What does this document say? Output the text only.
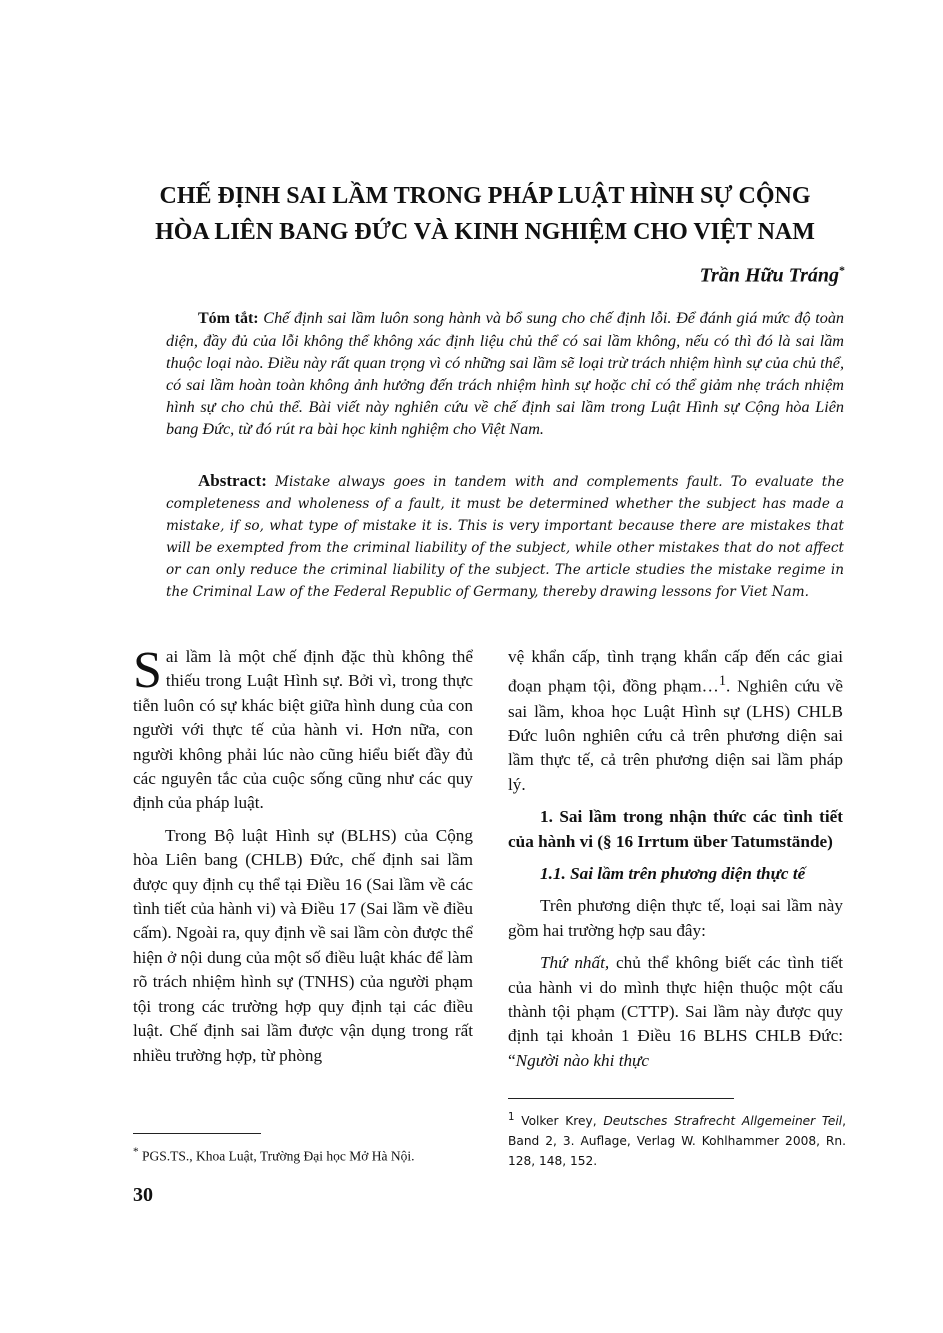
CHẾ ĐỊNH SAI LẦM TRONG PHÁP LUẬT HÌNH SỰ CỘNG
HÒA LIÊN BANG ĐỨC VÀ KINH NGHIỆM CHO VIỆT NAM
Trần Hữu Tráng*
Tóm tắt: Chế định sai lầm luôn song hành và bổ sung cho chế định lỗi. Để đánh giá mức độ toàn diện, đầy đủ của lỗi không thể không xác định liệu chủ thể có sai lầm không, nếu có thì đó là sai lầm thuộc loại nào. Điều này rất quan trọng vì có những sai lầm sẽ loại trừ trách nhiệm hình sự của chủ thể, có sai lầm hoàn toàn không ảnh hưởng đến trách nhiệm hình sự hoặc chỉ có thể giảm nhẹ trách nhiệm hình sự cho chủ thể. Bài viết này nghiên cứu về chế định sai lầm trong Luật Hình sự Cộng hòa Liên bang Đức, từ đó rút ra bài học kinh nghiệm cho Việt Nam.
Abstract: Mistake always goes in tandem with and complements fault. To evaluate the completeness and wholeness of a fault, it must be determined whether the subject has made a mistake, if so, what type of mistake it is. This is very important because there are mistakes that will be exempted from the criminal liability of the subject, while other mistakes that do not affect or can only reduce the criminal liability of the subject. The article studies the mistake regime in the Criminal Law of the Federal Republic of Germany, thereby drawing lessons for Viet Nam.

Sai lầm là một chế định đặc thù không thể thiếu trong Luật Hình sự. Bởi vì, trong thực tiễn luôn có sự khác biệt giữa hình dung của con người với thực tế của hành vi. Hơn nữa, con người không phải lúc nào cũng hiểu biết đầy đủ các nguyên tắc của cuộc sống cũng như các quy định của pháp luật.

Trong Bộ luật Hình sự (BLHS) của Cộng hòa Liên bang (CHLB) Đức, chế định sai lầm được quy định cụ thể tại Điều 16 (Sai lầm về các tình tiết của hành vi) và Điều 17 (Sai lầm về điều cấm). Ngoài ra, quy định về sai lầm còn được thể hiện ở nội dung của một số điều luật khác để làm rõ trách nhiệm hình sự (TNHS) của người phạm tội trong các trường hợp quy định tại các điều luật. Chế định sai lầm được vận dụng trong rất nhiều trường hợp, từ phòng

vệ khẩn cấp, tình trạng khẩn cấp đến các giai đoạn phạm tội, đồng phạm…$^1$. Nghiên cứu về sai lầm, khoa học Luật Hình sự (LHS) CHLB Đức luôn nghiên cứu cả trên phương diện sai lầm thực tế, cả trên phương diện sai lầm pháp lý.

1. Sai lầm trong nhận thức các tình tiết của hành vi (§ 16 Irrtum über Tatumstände)

1.1. Sai lầm trên phương diện thực tế

Trên phương diện thực tế, loại sai lầm này gồm hai trường hợp sau đây:

Thứ nhất, chủ thể không biết các tình tiết của hành vi do mình thực hiện thuộc một cấu thành tội phạm (CTTP). Sai lầm này được quy định tại khoản 1 Điều 16 BLHS CHLB Đức: “Người nào khi thực

* PGS.TS., Khoa Luật, Trường Đại học Mở Hà Nội.
$^1$ Volker Krey, Deutsches Strafrecht Allgemeiner Teil, Band 2, 3. Auflage, Verlag W. Kohlhammer 2008, Rn. 128, 148, 152.
30
